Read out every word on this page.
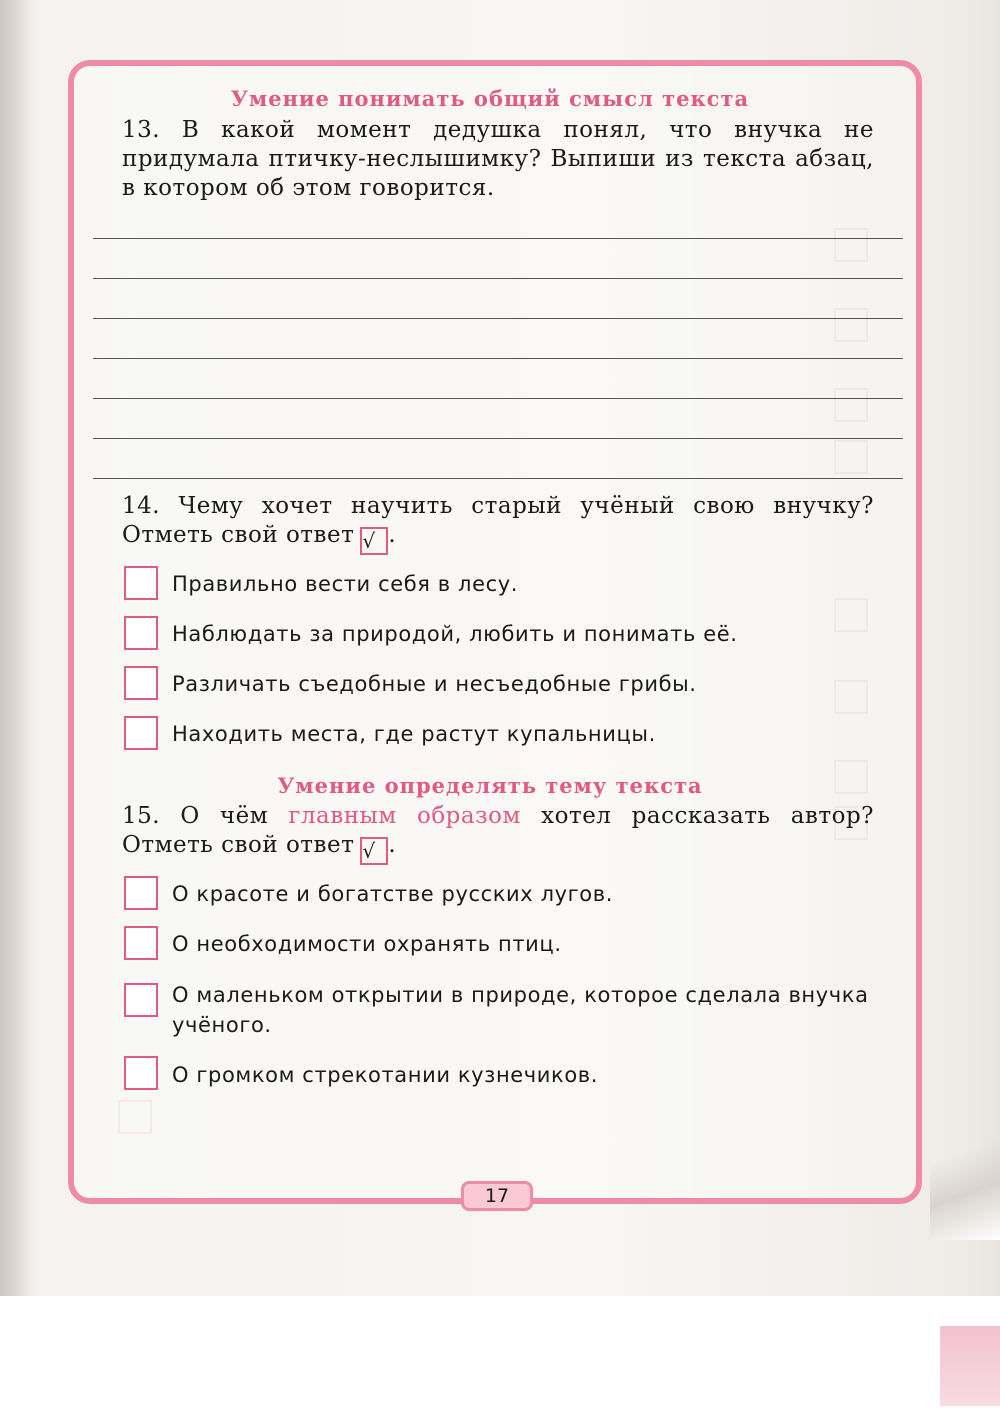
Умение понимать общий смысл текста
13. В какой момент дедушка понял, что внучка не придумала птичку-неслышимку? Выпиши из текста абзац, в котором об этом говорится.
14. Чему хочет научить старый учёный свою внучку? Отметь свой ответ √ .
Правильно вести себя в лесу.
Наблюдать за природой, любить и понимать её.
Различать съедобные и несъедобные грибы.
Находить места, где растут купальницы.
Умение определять тему текста
15. О чём главным образом хотел рассказать автор? Отметь свой ответ √ .
О красоте и богатстве русских лугов.
О необходимости охранять птиц.
О маленьком открытии в природе, которое сделала внучка учёного.
О громком стрекотании кузнечиков.
17
